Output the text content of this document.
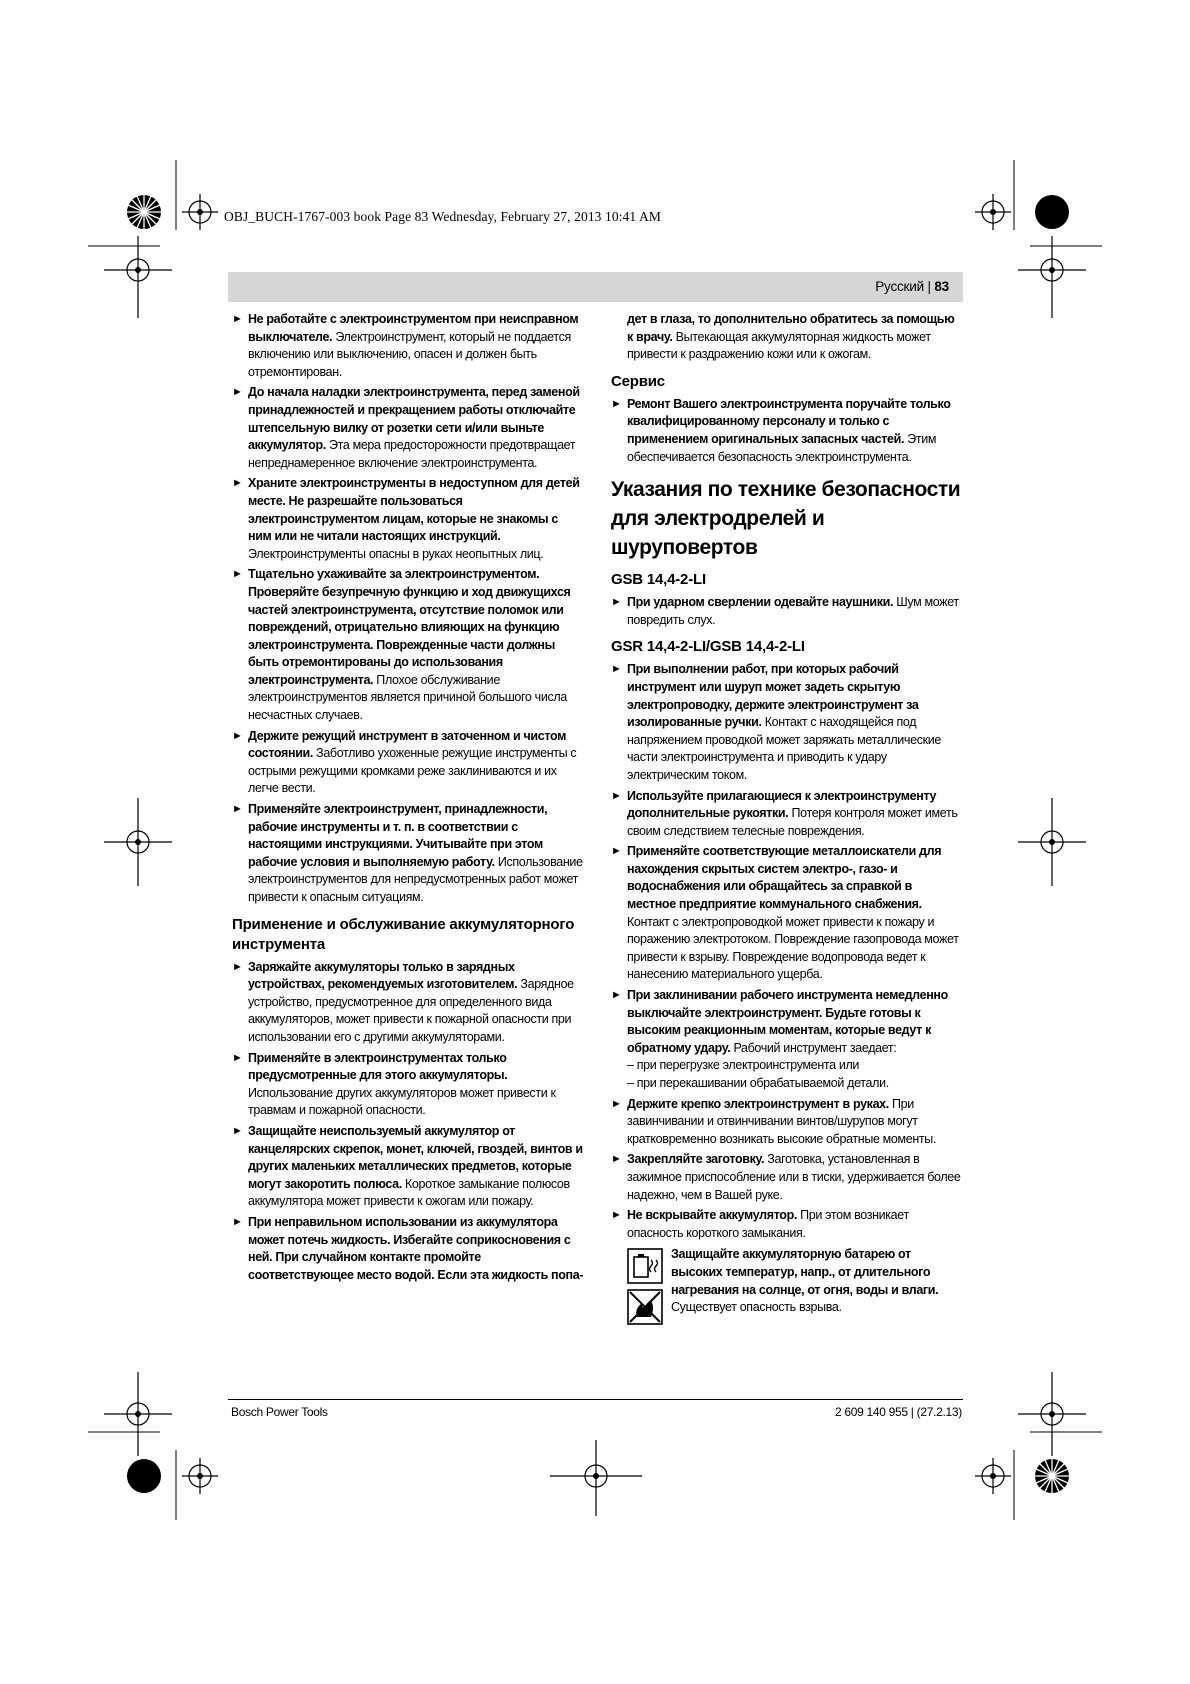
OBJ_BUCH-1767-003 book Page 83 Wednesday, February 27, 2013 10:41 AM
Русский | 83
► Не работайте с электроинструментом при неисправном выключателе. Электроинструмент, который не поддается включению или выключению, опасен и должен быть отремонтирован.
► До начала наладки электроинструмента, перед заменой принадлежностей и прекращением работы отключайте штепсельную вилку от розетки сети и/или выньте аккумулятор. Эта мера предосторожности предотвращает непреднамеренное включение электроинструмента.
► Храните электроинструменты в недоступном для детей месте. Не разрешайте пользоваться электроинструментом лицам, которые не знакомы с ним или не читали настоящих инструкций. Электроинструменты опасны в руках неопытных лиц.
► Тщательно ухаживайте за электроинструментом. Проверяйте безупречную функцию и ход движущихся частей электроинструмента, отсутствие поломок или повреждений, отрицательно влияющих на функцию электроинструмента. Поврежденные части должны быть отремонтированы до использования электроинструмента. Плохое обслуживание электроинструментов является причиной большого числа несчастных случаев.
► Держите режущий инструмент в заточенном и чистом состоянии. Заботливо ухоженные режущие инструменты с острыми режущими кромками реже заклиниваются и их легче вести.
► Применяйте электроинструмент, принадлежности, рабочие инструменты и т. п. в соответствии с настоящими инструкциями. Учитывайте при этом рабочие условия и выполняемую работу. Использование электроинструментов для непредусмотренных работ может привести к опасным ситуациям.
Применение и обслуживание аккумуляторного инструмента
► Заряжайте аккумуляторы только в зарядных устройствах, рекомендуемых изготовителем. Зарядное устройство, предусмотренное для определенного вида аккумуляторов, может привести к пожарной опасности при использовании его с другими аккумуляторами.
► Применяйте в электроинструментах только предусмотренные для этого аккумуляторы. Использование других аккумуляторов может привести к травмам и пожарной опасности.
► Защищайте неиспользуемый аккумулятор от канцелярских скрепок, монет, ключей, гвоздей, винтов и других маленьких металлических предметов, которые могут закоротить полюса. Короткое замыкание полюсов аккумулятора может привести к ожогам или пожару.
► При неправильном использовании из аккумулятора может потечь жидкость. Избегайте соприкосновения с ней. При случайном контакте промойте соответствующее место водой. Если эта жидкость попа-
дет в глаза, то дополнительно обратитесь за помощью к врачу. Вытекающая аккумуляторная жидкость может привести к раздражению кожи или к ожогам.
Сервис
► Ремонт Вашего электроинструмента поручайте только квалифицированному персоналу и только с применением оригинальных запасных частей. Этим обеспечивается безопасность электроинструмента.
Указания по технике безопасности для электродрелей и шуруповертов
GSB 14,4-2-LI
► При ударном сверлении одевайте наушники. Шум может повредить слух.
GSR 14,4-2-LI/GSB 14,4-2-LI
► При выполнении работ, при которых рабочий инструмент или шуруп может задеть скрытую электропроводку, держите электроинструмент за изолированные ручки. Контакт с находящейся под напряжением проводкой может заряжать металлические части электроинструмента и приводить к удару электрическим током.
► Используйте прилагающиеся к электроинструменту дополнительные рукоятки. Потеря контроля может иметь своим следствием телесные повреждения.
► Применяйте соответствующие металлоискатели для нахождения скрытых систем электро-, газо- и водоснабжения или обращайтесь за справкой в местное предприятие коммунального снабжения. Контакт с электропроводкой может привести к пожару и поражению электротоком. Повреждение газопровода может привести к взрыву. Повреждение водопровода ведет к нанесению материального ущерба.
► При заклинивании рабочего инструмента немедленно выключайте электроинструмент. Будьте готовы к высоким реакционным моментам, которые ведут к обратному удару. Рабочий инструмент заедает:
– при перегрузке электроинструмента или
– при перекашивании обрабатываемой детали.
► Держите крепко электроинструмент в руках. При завинчивании и отвинчивании винтов/шурупов могут кратковременно возникать высокие обратные моменты.
► Закрепляйте заготовку. Заготовка, установленная в зажимное приспособление или в тиски, удерживается более надежно, чем в Вашей руке.
► Не вскрывайте аккумулятор. При этом возникает опасность короткого замыкания.
Защищайте аккумуляторную батарею от высоких температур, напр., от длительного нагревания на солнце, от огня, воды и влаги. Существует опасность взрыва.
Bosch Power Tools	2 609 140 955 | (27.2.13)
